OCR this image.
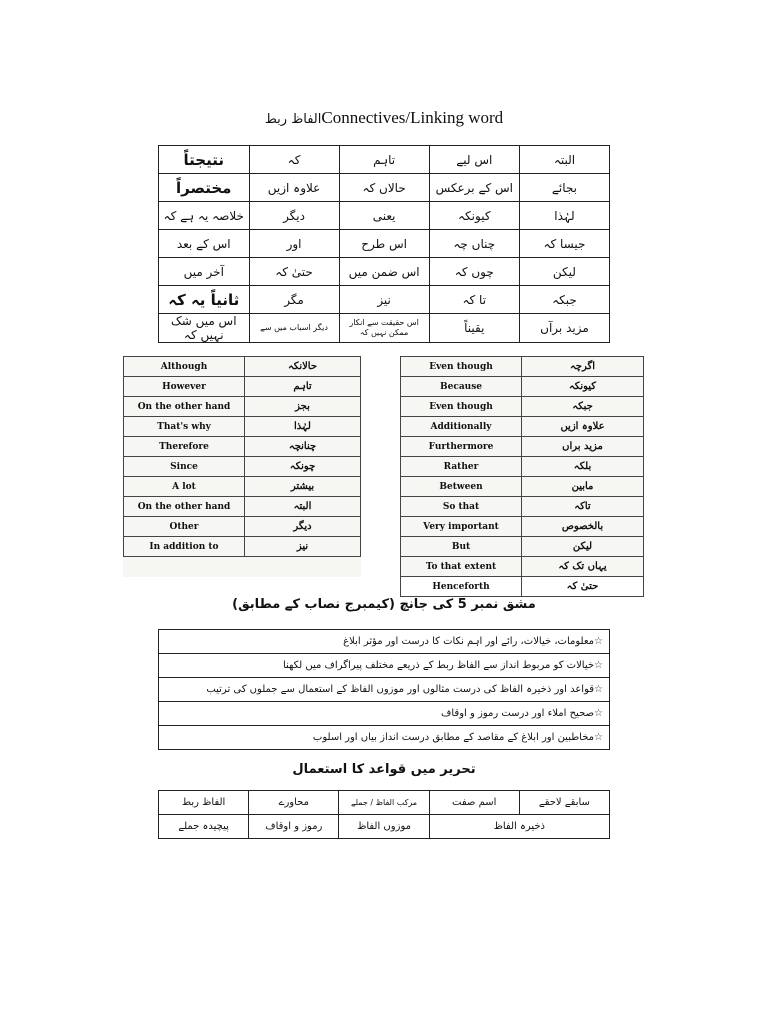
الفاظ ربطConnectives/Linking word
نتیجتاً	کہ	تاہم	اس لیے	البتہ
مختصراً	علاوہ ازیں	حالاں کہ	اس کے برعکس	بجائے
خلاصہ یہ ہے کہ	دیگر	یعنی	کیونکہ	لہٰذا
اس کے بعد	اور	اس طرح	چناں چہ	جیسا کہ
آخر میں	حتیٰ کہ	اس ضمن میں	چوں کہ	لیکن
ثانیاً یہ کہ	مگر	نیز	تا کہ	جبکہ
اس میں شک نہیں کہ	دیگر اسباب میں سے	اس حقیقت سے انکار ممکن نہیں کہ	یقیناً	مزید برآں
Although	حالانکہ
However	تاہم
On the other hand	بجز
That's why	لہٰذا
Therefore	چنانچہ
Since	چونکہ
A lot	بیشتر
On the other hand	البتہ
Other	دیگر
In addition to	نیز
Even though	اگرچہ
Because	کیونکہ
Even though	جبکہ
Additionally	علاوہ ازیں
Furthermore	مزید براں
Rather	بلکہ
Between	مابین
So that	تاکہ
Very important	بالخصوص
But	لیکن
To that extent	یہاں تک کہ
Henceforth	حتیٰ کہ
مشق نمبر 5 کی جانچ (کیمبرج نصاب کے مطابق)
☆معلومات، خیالات، رائے اور اہم نکات کا درست اور مؤثر ابلاغ
☆خیالات کو مربوط انداز سے الفاظ ربط کے ذریعے مختلف پیراگراف میں لکھنا
☆قواعد اور ذخیرہ الفاظ کی درست مثالوں اور موزوں الفاظ کے استعمال سے جملوں کی ترتیب
☆صحیح املاء اور درست رموز و اوقاف
☆مخاطبین اور ابلاغ کے مقاصد کے مطابق درست انداز بیاں اور اسلوب
تحریر میں قواعد کا استعمال
الفاظ ربط	محاورے	مرکب الفاظ / جملے	اسم صفت	سابقے لاحقے
پیچیدہ جملے	رموز و اوقاف	موزوں الفاظ	ذخیرہ الفاظ	
